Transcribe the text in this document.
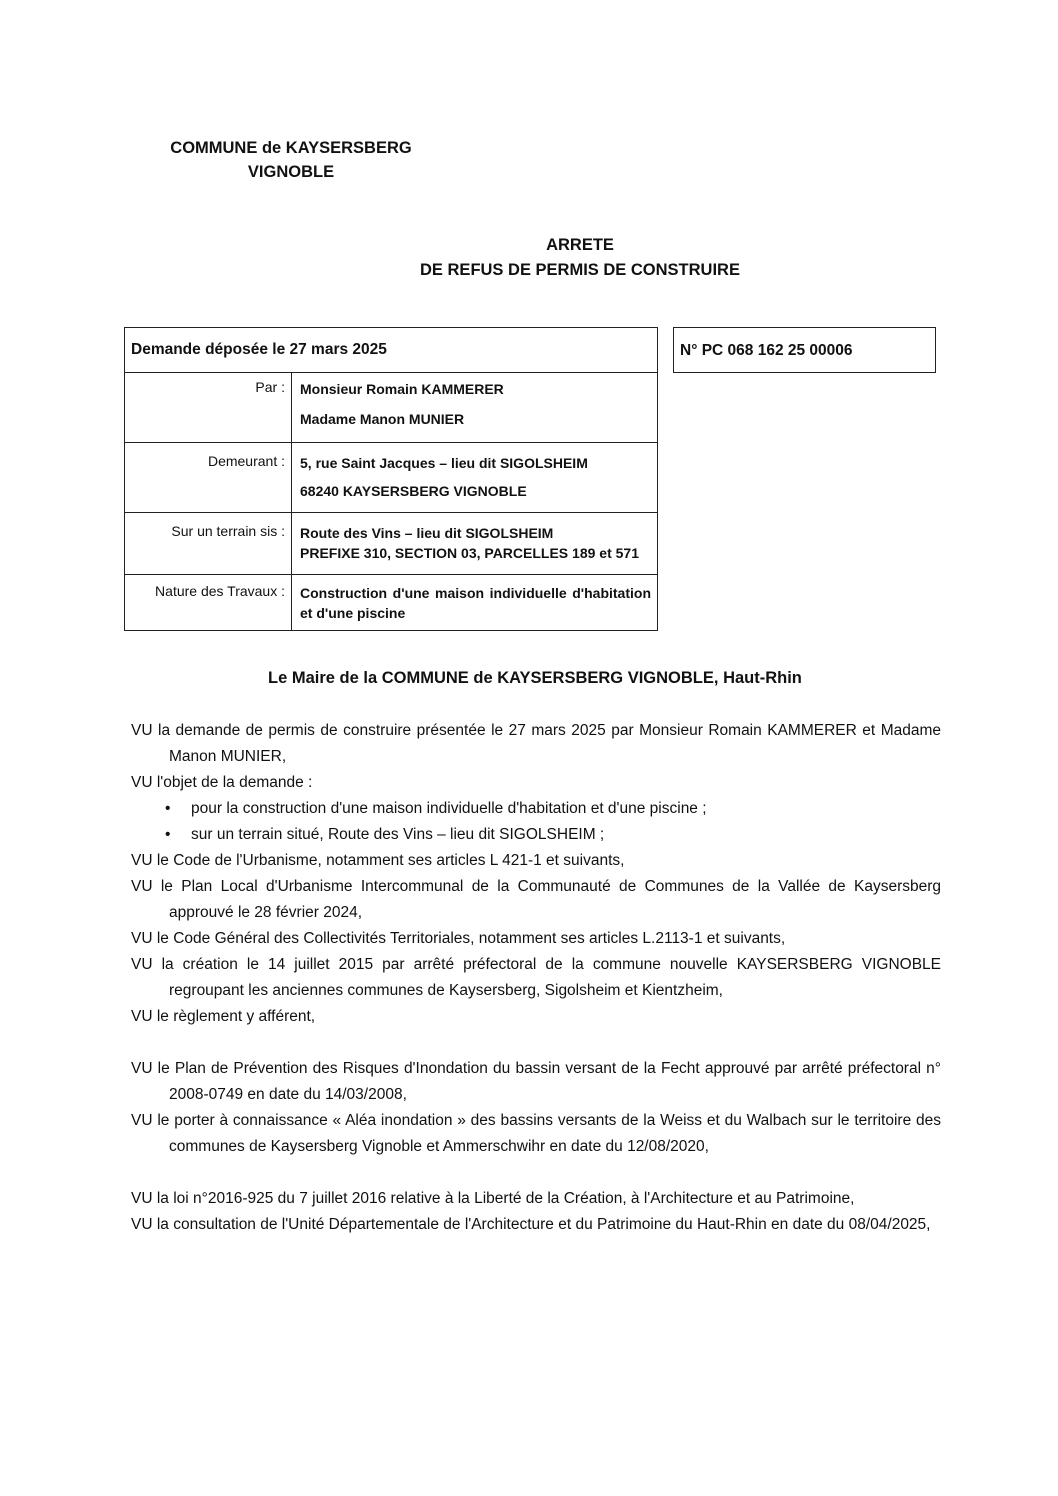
COMMUNE de KAYSERSBERG
VIGNOBLE
ARRETE
DE REFUS DE PERMIS DE CONSTRUIRE
Demande déposée le 27 mars 2025	
Par :	Monsieur Romain KAMMERER
Madame Manon MUNIER

Demeurant :	5, rue Saint Jacques – lieu dit SIGOLSHEIM
68240 KAYSERSBERG VIGNOBLE

Sur un terrain sis :	Route des Vins – lieu dit SIGOLSHEIM
PREFIXE 310, SECTION 03, PARCELLES 189 et 571

Nature des Travaux :	Construction d'une maison individuelle d'habitation et d'une piscine
N° PC 068 162 25 00006
Le Maire de la COMMUNE de KAYSERSBERG VIGNOBLE, Haut-Rhin
VU la demande de permis de construire présentée le 27 mars 2025 par Monsieur Romain KAMMERER et Madame Manon MUNIER,
VU l'objet de la demande :
• pour la construction d'une maison individuelle d'habitation et d'une piscine ;
• sur un terrain situé, Route des Vins – lieu dit SIGOLSHEIM ;
VU le Code de l'Urbanisme, notamment ses articles L 421-1 et suivants,
VU le Plan Local d'Urbanisme Intercommunal de la Communauté de Communes de la Vallée de Kaysersberg approuvé le 28 février 2024,
VU le Code Général des Collectivités Territoriales, notamment ses articles L.2113-1 et suivants,
VU la création le 14 juillet 2015 par arrêté préfectoral de la commune nouvelle KAYSERSBERG VIGNOBLE regroupant les anciennes communes de Kaysersberg, Sigolsheim et Kientzheim,
VU le règlement y afférent,
VU le Plan de Prévention des Risques d'Inondation du bassin versant de la Fecht approuvé par arrêté préfectoral n° 2008-0749 en date du 14/03/2008,
VU le porter à connaissance « Aléa inondation » des bassins versants de la Weiss et du Walbach sur le territoire des communes de Kaysersberg Vignoble et Ammerschwihr en date du 12/08/2020,
VU la loi n°2016-925 du 7 juillet 2016 relative à la Liberté de la Création, à l'Architecture et au Patrimoine,
VU la consultation de l'Unité Départementale de l'Architecture et du Patrimoine du Haut-Rhin en date du 08/04/2025,
